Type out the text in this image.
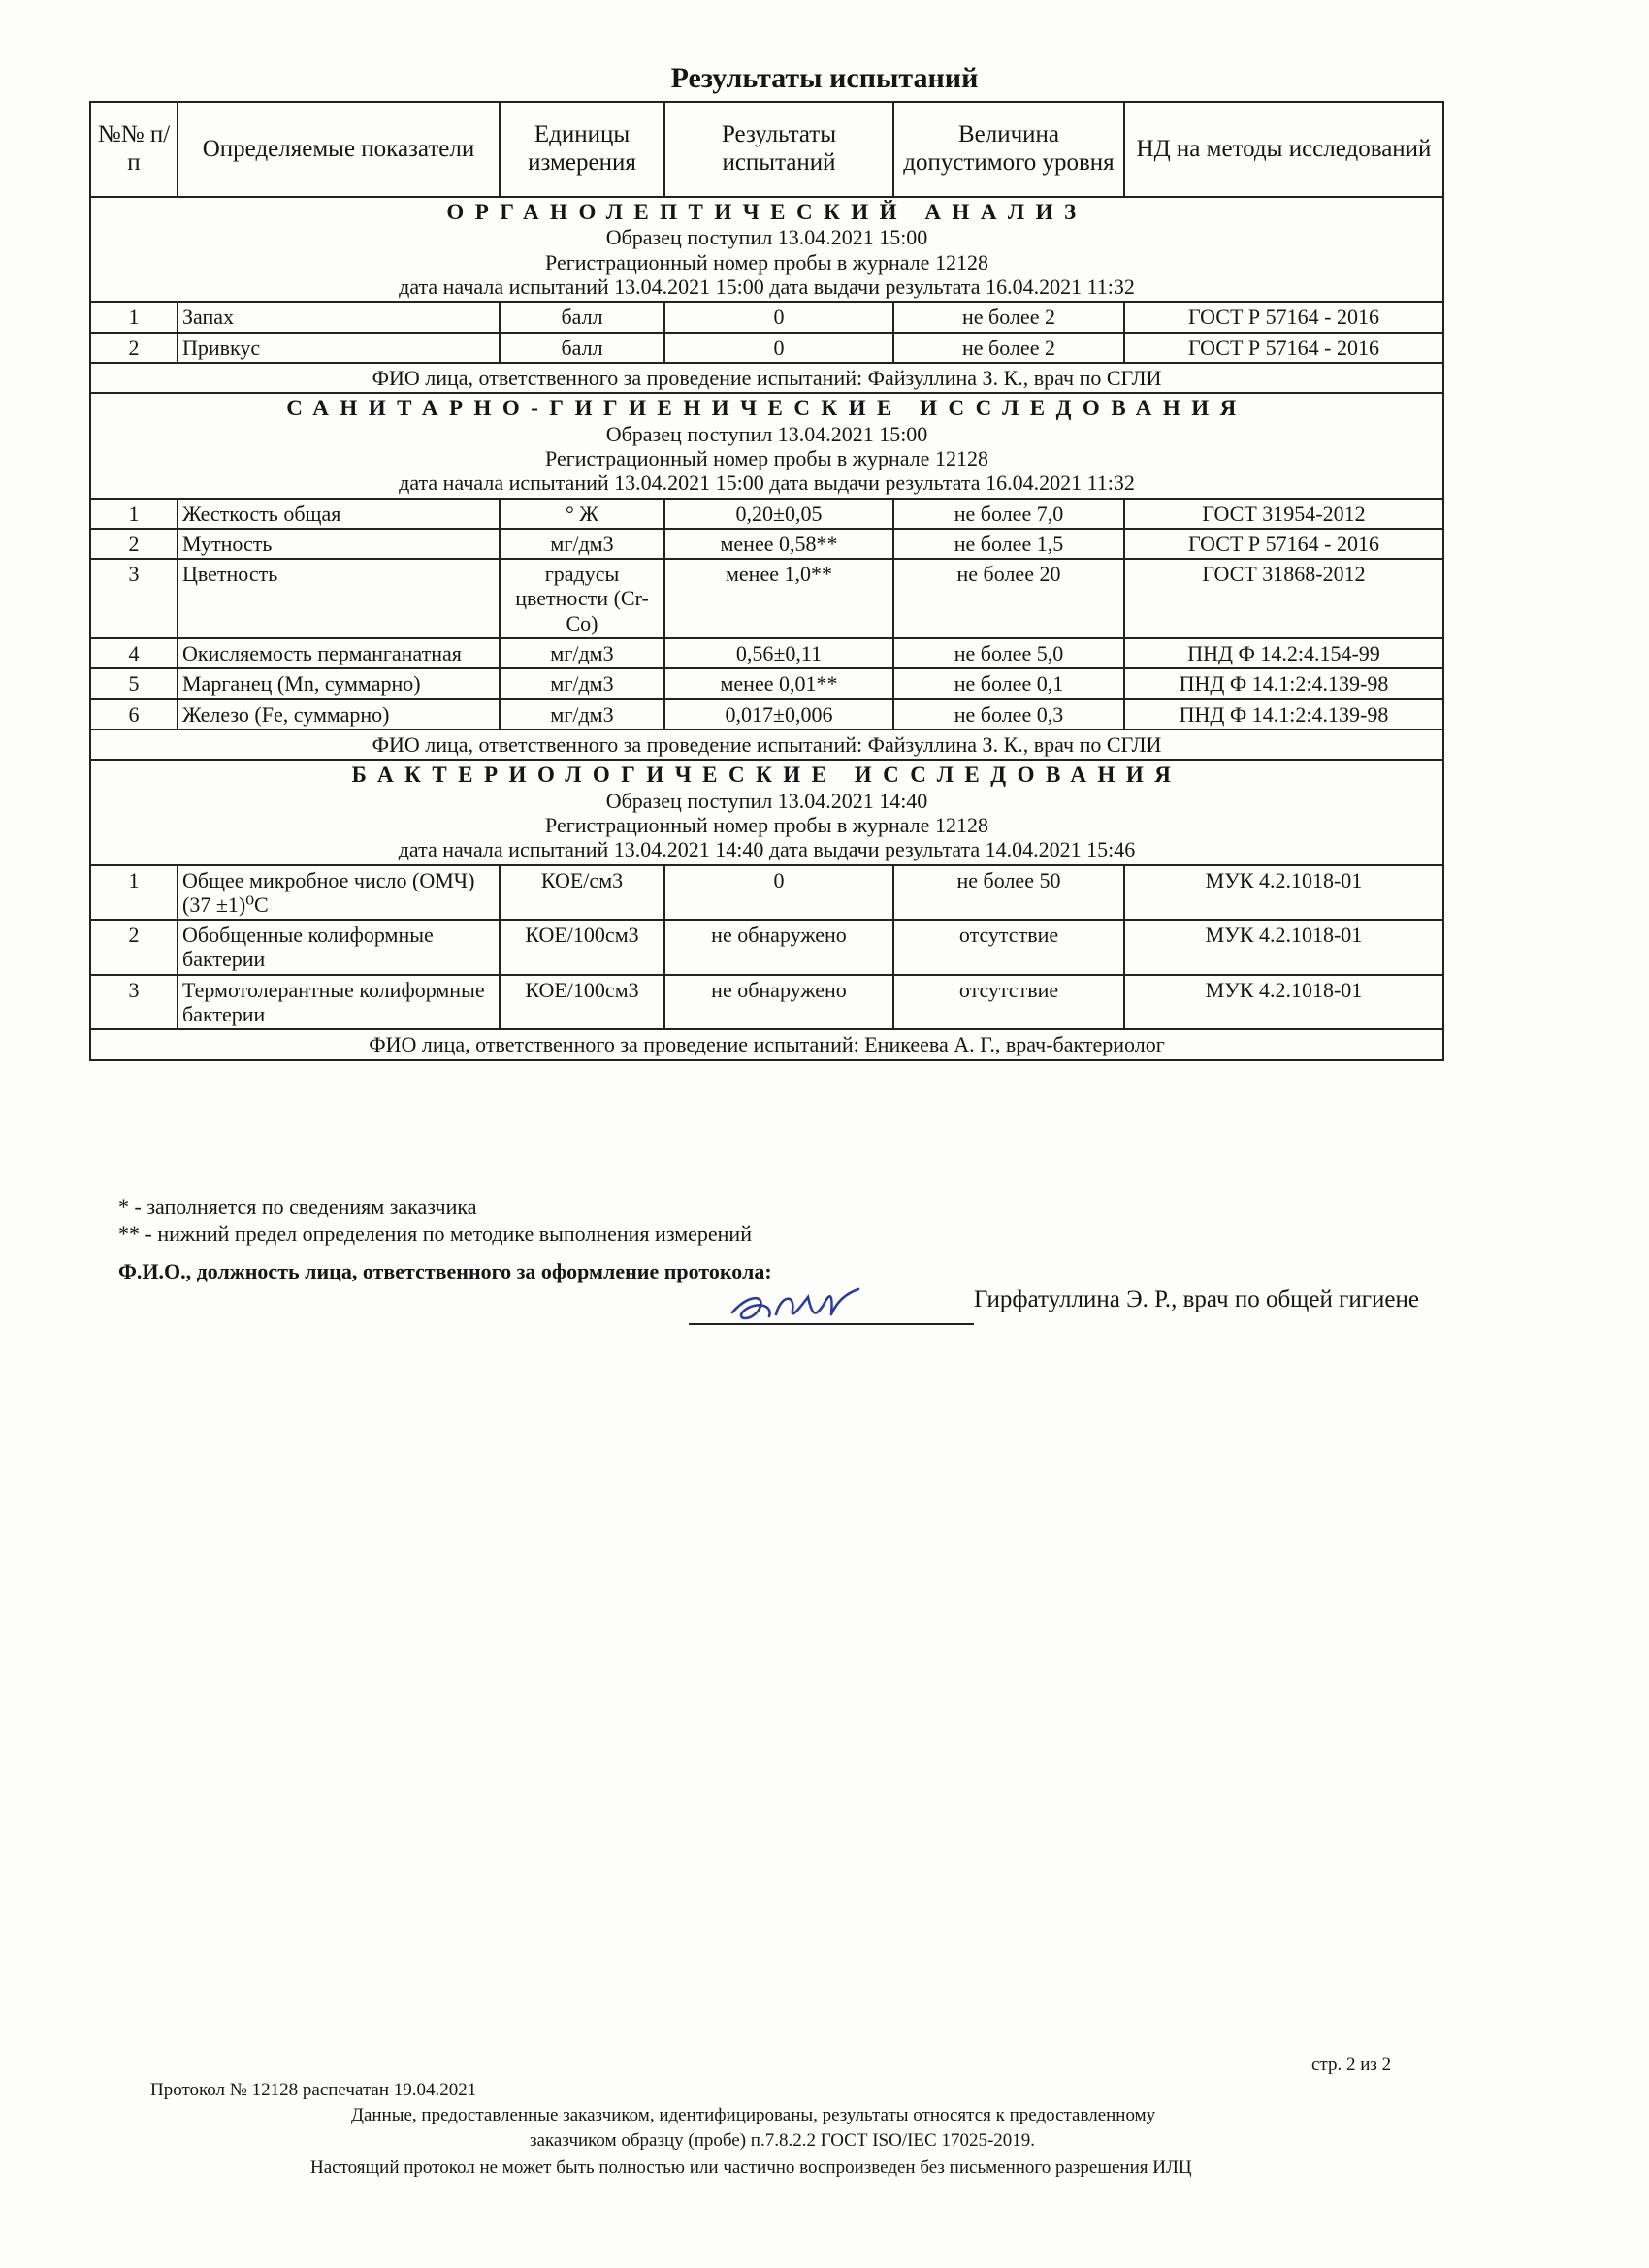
Результаты испытаний
№№ п/п	Определяемые показатели	Единицы измерения	Результаты испытаний	Величина допустимого уровня	НД на методы исследований

ОРГАНОЛЕПТИЧЕСКИЙ АНАЛИЗ
Образец поступил 13.04.2021 15:00
Регистрационный номер пробы в журнале 12128
дата начала испытаний 13.04.2021 15:00 дата выдачи результата 16.04.2021 11:32					

1	Запах	балл	0	не более 2	ГОСТ Р 57164 - 2016
2	Привкус	балл	0	не более 2	ГОСТ Р 57164 - 2016
ФИО лица, ответственного за проведение испытаний: Файзуллина З. К., врач по СГЛИ					

САНИТАРНО-ГИГИЕНИЧЕСКИЕ ИССЛЕДОВАНИЯ
Образец поступил 13.04.2021 15:00
Регистрационный номер пробы в журнале 12128
дата начала испытаний 13.04.2021 15:00 дата выдачи результата 16.04.2021 11:32					

1	Жесткость общая	° Ж	0,20±0,05	не более 7,0	ГОСТ 31954-2012
2	Мутность	мг/дм3	менее 0,58**	не более 1,5	ГОСТ Р 57164 - 2016
3	Цветность	градусы цветности (Cr-Co)	менее 1,0**	не более 20	ГОСТ 31868-2012
4	Окисляемость перманганатная	мг/дм3	0,56±0,11	не более 5,0	ПНД Ф 14.2:4.154-99
5	Марганец (Mn, суммарно)	мг/дм3	менее 0,01**	не более 0,1	ПНД Ф 14.1:2:4.139-98
6	Железо (Fe, суммарно)	мг/дм3	0,017±0,006	не более 0,3	ПНД Ф 14.1:2:4.139-98
ФИО лица, ответственного за проведение испытаний: Файзуллина З. К., врач по СГЛИ					

БАКТЕРИОЛОГИЧЕСКИЕ ИССЛЕДОВАНИЯ
Образец поступил 13.04.2021 14:40
Регистрационный номер пробы в журнале 12128
дата начала испытаний 13.04.2021 14:40 дата выдачи результата 14.04.2021 15:46					

1	Общее микробное число (ОМЧ) (37 ±1)⁰С	КОЕ/см3	0	не более 50	МУК 4.2.1018-01
2	Обобщенные колиформные бактерии	КОЕ/100см3	не обнаружено	отсутствие	МУК 4.2.1018-01
3	Термотолерантные колиформные бактерии	КОЕ/100см3	не обнаружено	отсутствие	МУК 4.2.1018-01
ФИО лица, ответственного за проведение испытаний: Еникеева А. Г., врач-бактериолог					
* - заполняется по сведениям заказчика
** - нижний предел определения по методике выполнения измерений
Ф.И.О., должность лица, ответственного за оформление протокола:
Гирфатуллина Э. Р., врач по общей гигиене
стр. 2 из 2
Протокол № 12128 распечатан 19.04.2021
Данные, предоставленные заказчиком, идентифицированы, результаты относятся к предоставленному
заказчиком образцу (пробе) п.7.8.2.2 ГОСТ ISO/IEC 17025-2019.
Настоящий протокол не может быть полностью или частично воспроизведен без письменного разрешения ИЛЦ
